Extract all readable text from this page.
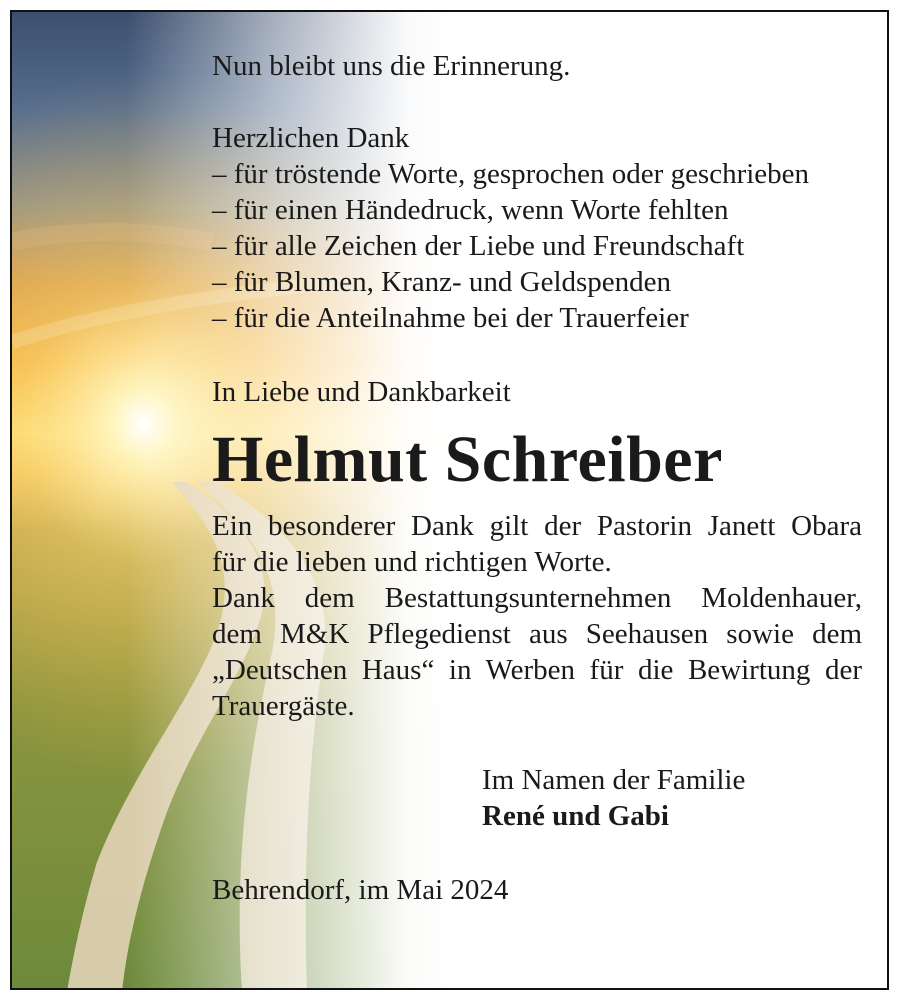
Nun bleibt uns die Erinnerung.
Herzlichen Dank
– für tröstende Worte, gesprochen oder geschrieben
– für einen Händedruck, wenn Worte fehlten
– für alle Zeichen der Liebe und Freundschaft
– für Blumen, Kranz- und Geldspenden
– für die Anteilnahme bei der Trauerfeier
In Liebe und Dankbarkeit
Helmut Schreiber
Ein besonderer Dank gilt der Pastorin Janett Obara
für die lieben und richtigen Worte.
Dank dem Bestattungsunternehmen Moldenhauer,
dem M&K Pflegedienst aus Seehausen sowie dem
„Deutschen Haus“ in Werben für die Bewirtung der
Trauergäste.
Im Namen der Familie
René und Gabi
Behrendorf, im Mai 2024
